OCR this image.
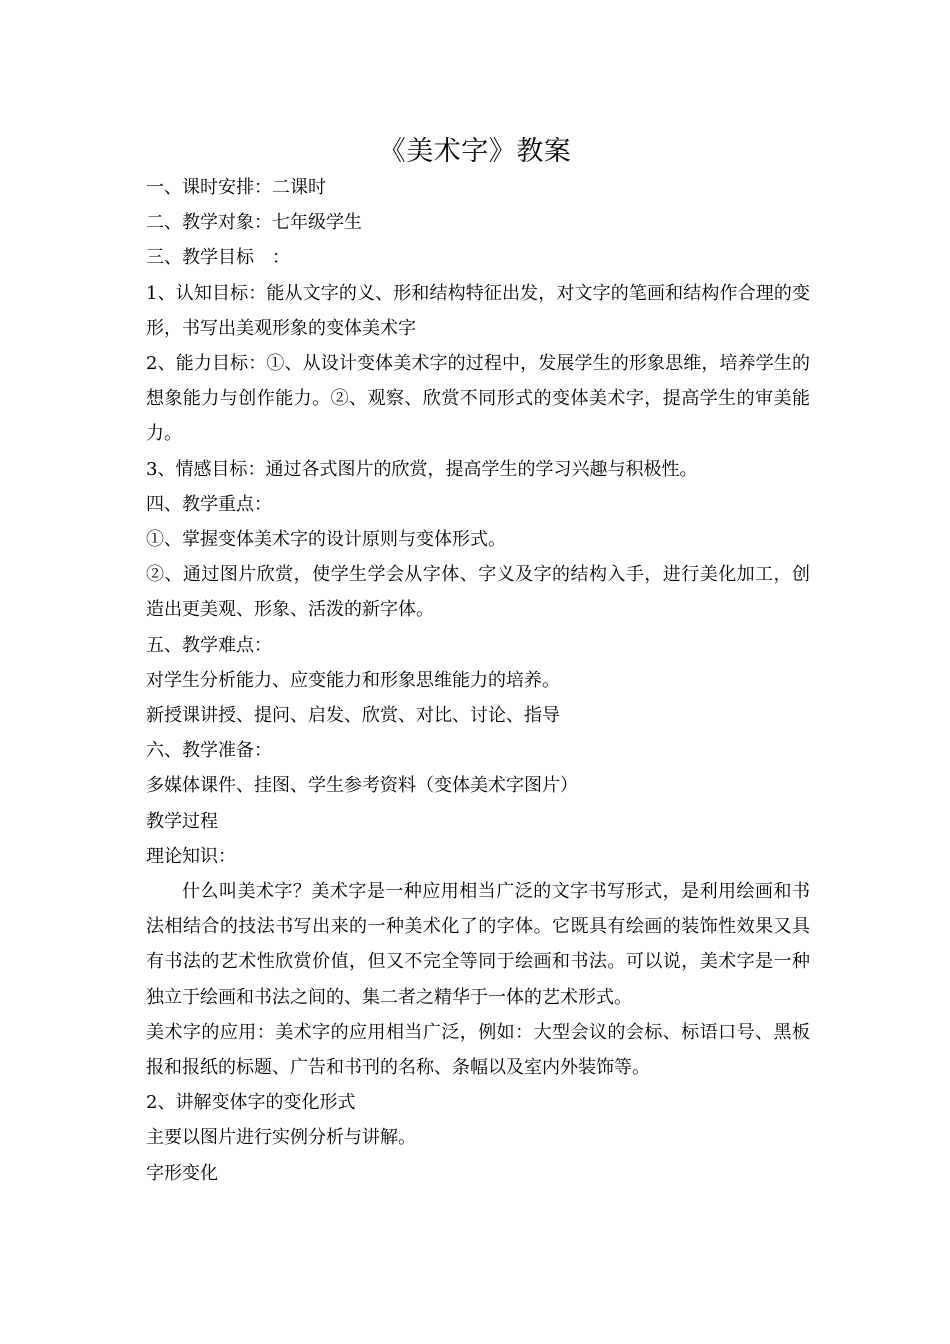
《美术字》教案

一、课时安排：二课时

二、教学对象：七年级学生

三、教学目标　：

1、认知目标：能从文字的义、形和结构特征出发，对文字的笔画和结构作合理的变形，书写出美观形象的变体美术字

2、能力目标：①、从设计变体美术字的过程中，发展学生的形象思维，培养学生的想象能力与创作能力。②、观察、欣赏不同形式的变体美术字，提高学生的审美能力。

3、情感目标：通过各式图片的欣赏，提高学生的学习兴趣与积极性。

四、教学重点：

①、掌握变体美术字的设计原则与变体形式。

②、通过图片欣赏，使学生学会从字体、字义及字的结构入手，进行美化加工，创造出更美观、形象、活泼的新字体。

五、教学难点：

对学生分析能力、应变能力和形象思维能力的培养。

新授课讲授、提问、启发、欣赏、对比、讨论、指导

六、教学准备：

多媒体课件、挂图、学生参考资料（变体美术字图片）

教学过程

理论知识：

什么叫美术字？美术字是一种应用相当广泛的文字书写形式，是利用绘画和书法相结合的技法书写出来的一种美术化了的字体。它既具有绘画的装饰性效果又具有书法的艺术性欣赏价值，但又不完全等同于绘画和书法。可以说，美术字是一种独立于绘画和书法之间的、集二者之精华于一体的艺术形式。

美术字的应用：美术字的应用相当广泛，例如：大型会议的会标、标语口号、黑板报和报纸的标题、广告和书刊的名称、条幅以及室内外装饰等。

2、讲解变体字的变化形式

主要以图片进行实例分析与讲解。

字形变化
